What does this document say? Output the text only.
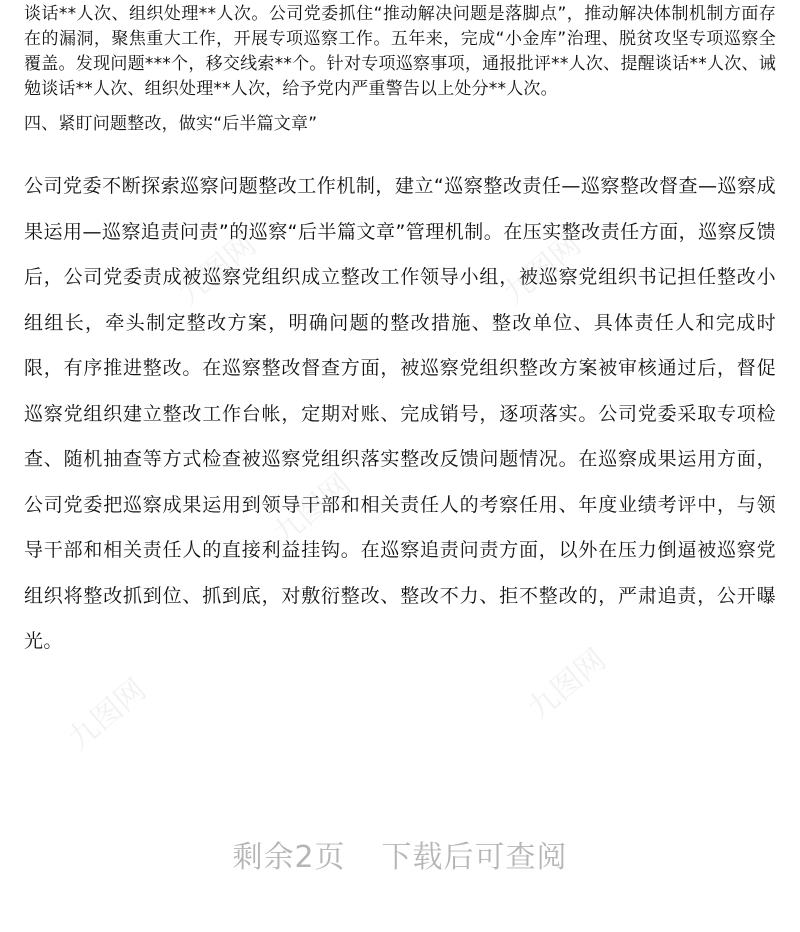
谈话**人次、组织处理**人次。公司党委抓住“推动解决问题是落脚点”，推动解决体制机制方面存在的漏洞，聚焦重大工作，开展专项巡察工作。五年来，完成“小金库”治理、脱贫攻坚专项巡察全覆盖。发现问题***个，移交线索**个。针对专项巡察事项，通报批评**人次、提醒谈话**人次、诫勉谈话**人次、组织处理**人次，给予党内严重警告以上处分**人次。

四、紧盯问题整改，做实“后半篇文章”

公司党委不断探索巡察问题整改工作机制，建立“巡察整改责任—巡察整改督查—巡察成果运用—巡察追责问责”的巡察“后半篇文章”管理机制。在压实整改责任方面，巡察反馈后，公司党委责成被巡察党组织成立整改工作领导小组，被巡察党组织书记担任整改小组组长，牵头制定整改方案，明确问题的整改措施、整改单位、具体责任人和完成时限，有序推进整改。在巡察整改督查方面，被巡察党组织整改方案被审核通过后，督促巡察党组织建立整改工作台帐，定期对账、完成销号，逐项落实。公司党委采取专项检查、随机抽查等方式检查被巡察党组织落实整改反馈问题情况。在巡察成果运用方面，公司党委把巡察成果运用到领导干部和相关责任人的考察任用、年度业绩考评中，与领导干部和相关责任人的直接利益挂钩。在巡察追责问责方面，以外在压力倒逼被巡察党组织将整改抓到位、抓到底，对敷衍整改、整改不力、拒不整改的，严肃追责，公开曝光。

九图网	九图网
九图网
九图网	九图网
剩余2页 下载后可查阅
